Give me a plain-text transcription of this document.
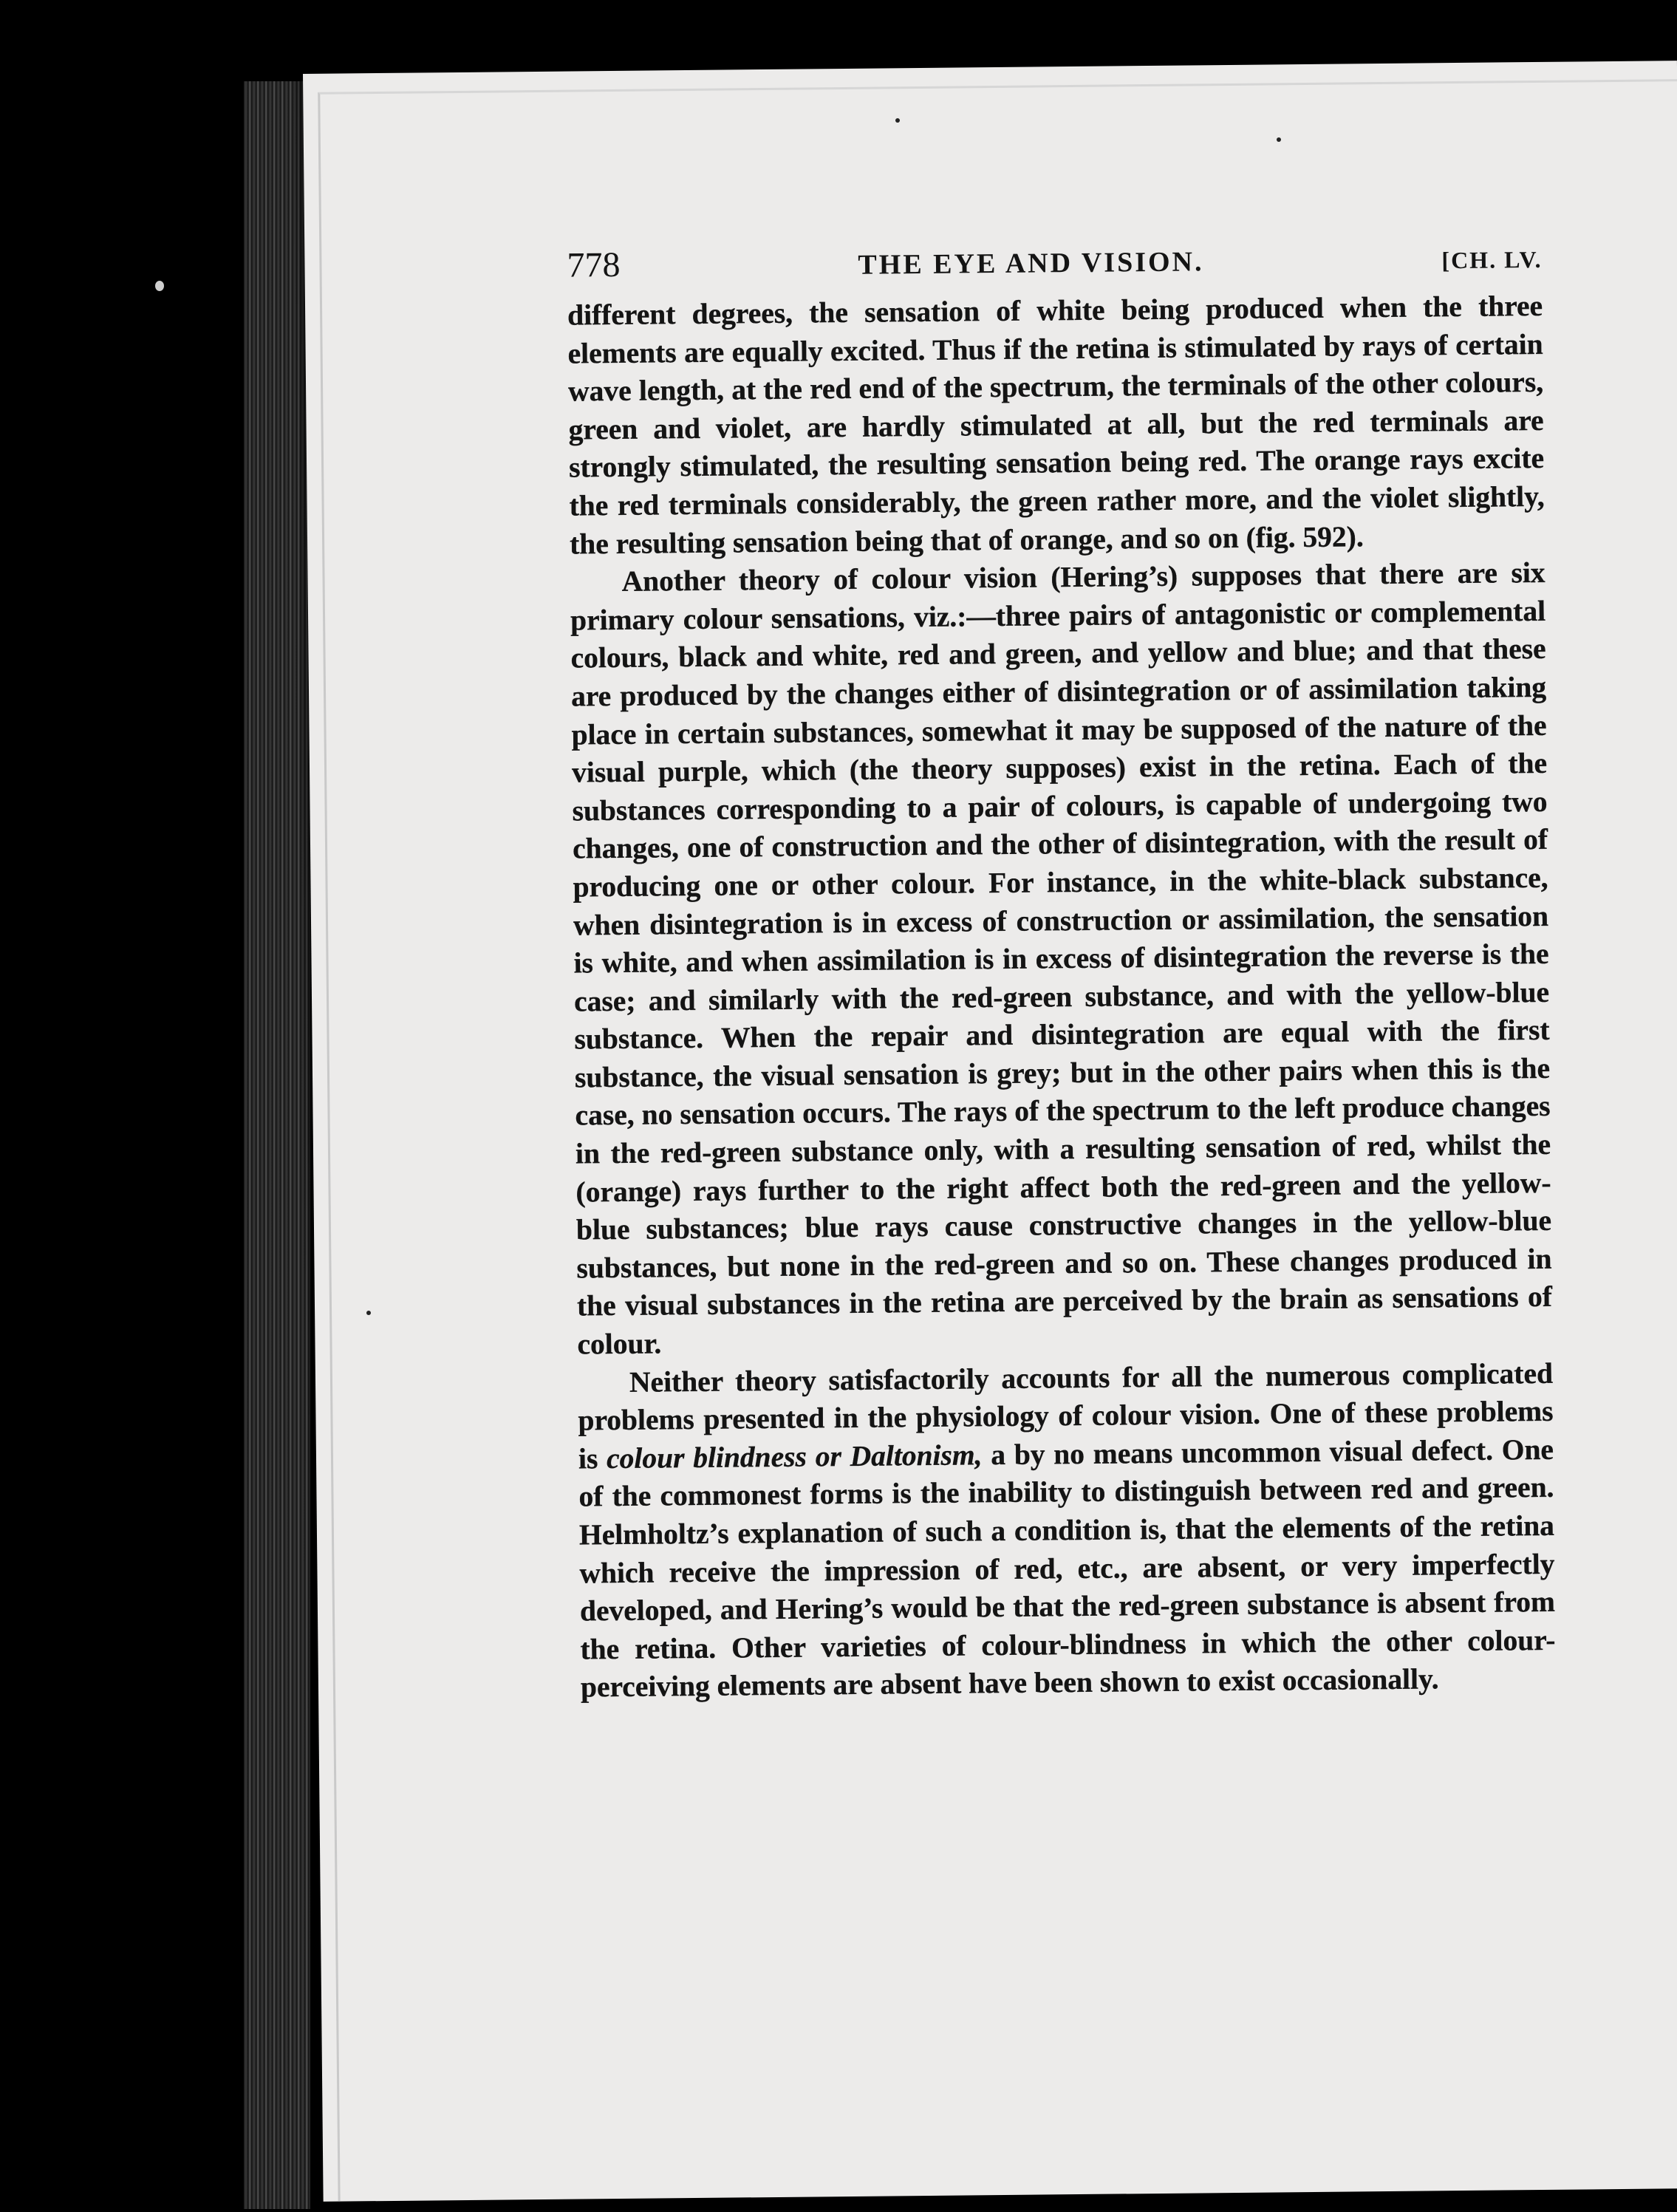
778	THE EYE AND VISION.	[CH. LV.

different degrees, the sensation of white being produced when the three elements are equally excited. Thus if the retina is stimulated by rays of certain wave length, at the red end of the spectrum, the terminals of the other colours, green and violet, are hardly stimulated at all, but the red terminals are strongly stimulated, the resulting sensation being red. The orange rays excite the red terminals considerably, the green rather more, and the violet slightly, the resulting sensation being that of orange, and so on (fig. 592).

Another theory of colour vision (Hering’s) supposes that there are six primary colour sensations, viz.:—three pairs of antagonistic or complemental colours, black and white, red and green, and yellow and blue; and that these are produced by the changes either of disintegration or of assimilation taking place in certain substances, somewhat it may be supposed of the nature of the visual purple, which (the theory supposes) exist in the retina. Each of the substances corresponding to a pair of colours, is capable of undergoing two changes, one of construction and the other of disintegration, with the result of producing one or other colour. For instance, in the white-black substance, when disintegration is in excess of construction or assimilation, the sensation is white, and when assimilation is in excess of disintegration the reverse is the case; and similarly with the red-green substance, and with the yellow-blue substance. When the repair and disintegration are equal with the first substance, the visual sensation is grey; but in the other pairs when this is the case, no sensation occurs. The rays of the spectrum to the left produce changes in the red-green substance only, with a resulting sensation of red, whilst the (orange) rays further to the right affect both the red-green and the yellow-blue substances; blue rays cause constructive changes in the yellow-blue substances, but none in the red-green and so on. These changes produced in the visual substances in the retina are perceived by the brain as sensations of colour.

Neither theory satisfactorily accounts for all the numerous complicated problems presented in the physiology of colour vision. One of these problems is colour blindness or Daltonism, a by no means uncommon visual defect. One of the commonest forms is the inability to distinguish between red and green. Helmholtz’s explanation of such a condition is, that the elements of the retina which receive the impression of red, etc., are absent, or very imperfectly developed, and Hering’s would be that the red-green substance is absent from the retina. Other varieties of colour-blindness in which the other colour-perceiving elements are absent have been shown to exist occasionally.
